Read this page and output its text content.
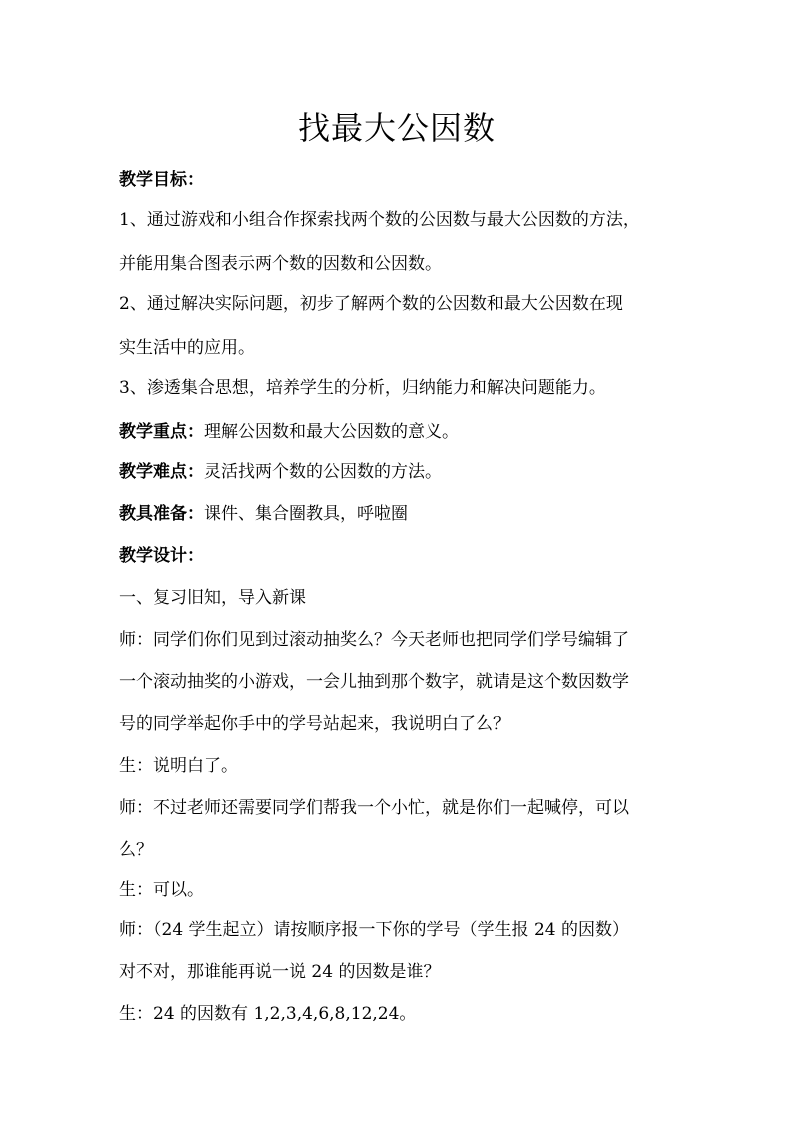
找最大公因数
教学目标：
1、通过游戏和小组合作探索找两个数的公因数与最大公因数的方法，
并能用集合图表示两个数的因数和公因数。
2、通过解决实际问题，初步了解两个数的公因数和最大公因数在现
实生活中的应用。
3、渗透集合思想，培养学生的分析，归纳能力和解决问题能力。
教学重点：理解公因数和最大公因数的意义。
教学难点：灵活找两个数的公因数的方法。
教具准备：课件、集合圈教具，呼啦圈
教学设计：
一、复习旧知，导入新课
师：同学们你们见到过滚动抽奖么？今天老师也把同学们学号编辑了
一个滚动抽奖的小游戏，一会儿抽到那个数字，就请是这个数因数学
号的同学举起你手中的学号站起来，我说明白了么？
生：说明白了。
师：不过老师还需要同学们帮我一个小忙，就是你们一起喊停，可以
么？
生：可以。
师：（24 学生起立）请按顺序报一下你的学号（学生报 24 的因数）
对不对，那谁能再说一说 24 的因数是谁？
生：24 的因数有 1,2,3,4,6,8,12,24。
